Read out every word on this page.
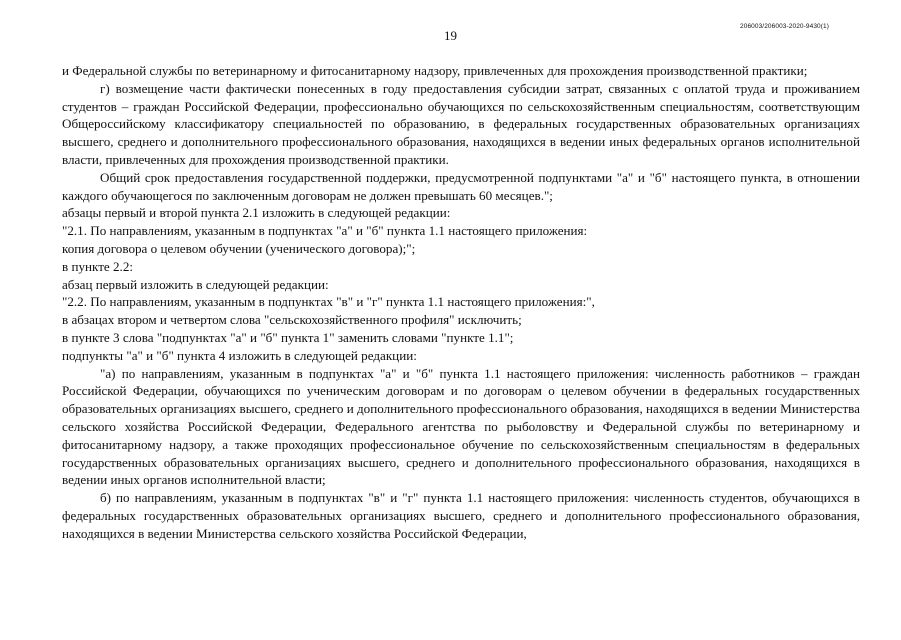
19
206003/206003-2020-9430(1)

и Федеральной службы по ветеринарному и фитосанитарному надзору, привлеченных для прохождения производственной практики;

г) возмещение части фактически понесенных в году предоставления субсидии затрат, связанных с оплатой труда и проживанием студентов – граждан Российской Федерации, профессионально обучающихся по сельскохозяйственным специальностям, соответствующим Общероссийскому классификатору специальностей по образованию, в федеральных государственных образовательных организациях высшего, среднего и дополнительного профессионального образования, находящихся в ведении иных федеральных органов исполнительной власти, привлеченных для прохождения производственной практики.

Общий срок предоставления государственной поддержки, предусмотренной подпунктами "а" и "б" настоящего пункта, в отношении каждого обучающегося по заключенным договорам не должен превышать 60 месяцев.";

абзацы первый и второй пункта 2.1 изложить в следующей редакции:

"2.1. По направлениям, указанным в подпунктах "а" и "б" пункта 1.1 настоящего приложения:

копия договора о целевом обучении (ученического договора);";

в пункте 2.2:

абзац первый изложить в следующей редакции:

"2.2. По направлениям, указанным в подпунктах "в" и "г" пункта 1.1 настоящего приложения:",

в абзацах втором и четвертом слова "сельскохозяйственного профиля" исключить;

в пункте 3 слова "подпунктах "а" и "б" пункта 1" заменить словами "пункте 1.1";

подпункты "а" и "б" пункта 4 изложить в следующей редакции:

"а) по направлениям, указанным в подпунктах "а" и "б" пункта 1.1 настоящего приложения: численность работников – граждан Российской Федерации, обучающихся по ученическим договорам и по договорам о целевом обучении в федеральных государственных образовательных организациях высшего, среднего и дополнительного профессионального образования, находящихся в ведении Министерства сельского хозяйства Российской Федерации, Федерального агентства по рыболовству и Федеральной службы по ветеринарному и фитосанитарному надзору, а также проходящих профессиональное обучение по сельскохозяйственным специальностям в федеральных государственных образовательных организациях высшего, среднего и дополнительного профессионального образования, находящихся в ведении иных органов исполнительной власти;

б) по направлениям, указанным в подпунктах "в" и "г" пункта 1.1 настоящего приложения: численность студентов, обучающихся в федеральных государственных образовательных организациях высшего, среднего и дополнительного профессионального образования, находящихся в ведении Министерства сельского хозяйства Российской Федерации,
